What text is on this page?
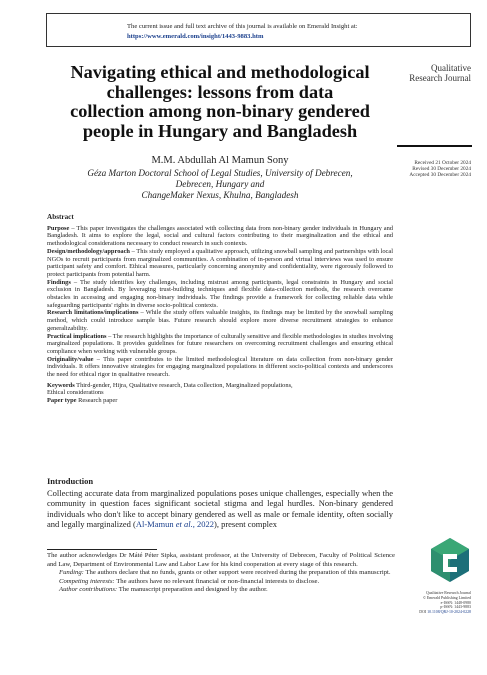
The current issue and full text archive of this journal is available on Emerald Insight at:
https://www.emerald.com/insight/1443-9883.htm
Navigating ethical and methodological
challenges: lessons from data
collection among non-binary gendered
people in Hungary and Bangladesh
Qualitative
Research Journal
Received 21 October 2024
Revised 30 December 2024
Accepted 30 December 2024
M.M. Abdullah Al Mamun Sony
Géza Marton Doctoral School of Legal Studies, University of Debrecen,
Debrecen, Hungary and
ChangeMaker Nexus, Khulna, Bangladesh
Abstract

Purpose – This paper investigates the challenges associated with collecting data from non-binary gender individuals in Hungary and Bangladesh. It aims to explore the legal, social and cultural factors contributing to their marginalization and the ethical and methodological considerations necessary to conduct research in such contexts.

Design/methodology/approach – This study employed a qualitative approach, utilizing snowball sampling and partnerships with local NGOs to recruit participants from marginalized communities. A combination of in-person and virtual interviews was used to ensure participant safety and comfort. Ethical measures, particularly concerning anonymity and confidentiality, were rigorously followed to protect participants from potential harm.

Findings – The study identifies key challenges, including mistrust among participants, legal constraints in Hungary and social exclusion in Bangladesh. By leveraging trust-building techniques and flexible data-collection methods, the research overcame obstacles in accessing and engaging non-binary individuals. The findings provide a framework for collecting reliable data while safeguarding participants' rights in diverse socio-political contexts.

Research limitations/implications – While the study offers valuable insights, its findings may be limited by the snowball sampling method, which could introduce sample bias. Future research should explore more diverse recruitment strategies to enhance generalizability.

Practical implications – The research highlights the importance of culturally sensitive and flexible methodologies in studies involving marginalized populations. It provides guidelines for future researchers on overcoming recruitment challenges and ensuring ethical compliance when working with vulnerable groups.

Originality/value – This paper contributes to the limited methodological literature on data collection from non-binary gender individuals. It offers innovative strategies for engaging marginalized populations in different socio-political contexts and underscores the need for ethical rigor in qualitative research.

Keywords Third-gender, Hijra, Qualitative research, Data collection, Marginalized populations,
Ethical considerations

Paper type Research paper

Introduction
Collecting accurate data from marginalized populations poses unique challenges, especially when the community in question faces significant societal stigma and legal hurdles. Non-binary gendered individuals who don't like to accept binary gendered as well as male or female identity, often socially and legally marginalized (Al-Mamun et al., 2022), present complex

The author acknowledges Dr Máté Péter Sipka, assistant professor, at the University of Debrecen, Faculty of Political Science and Law, Department of Environmental Law and Labor Law for his kind cooperation at every stage of this research.

Funding: The authors declare that no funds, grants or other support were received during the preparation of this manuscript.

Competing interests: The authors have no relevant financial or non-financial interests to disclose.

Author contributions: The manuscript preparation and designed by the author.	Qualitative Research Journal
© Emerald Publishing Limited
e-ISSN: 1448-0980
p-ISSN: 1443-9883
DOI 10.1108/QRJ-10-2024-0228
